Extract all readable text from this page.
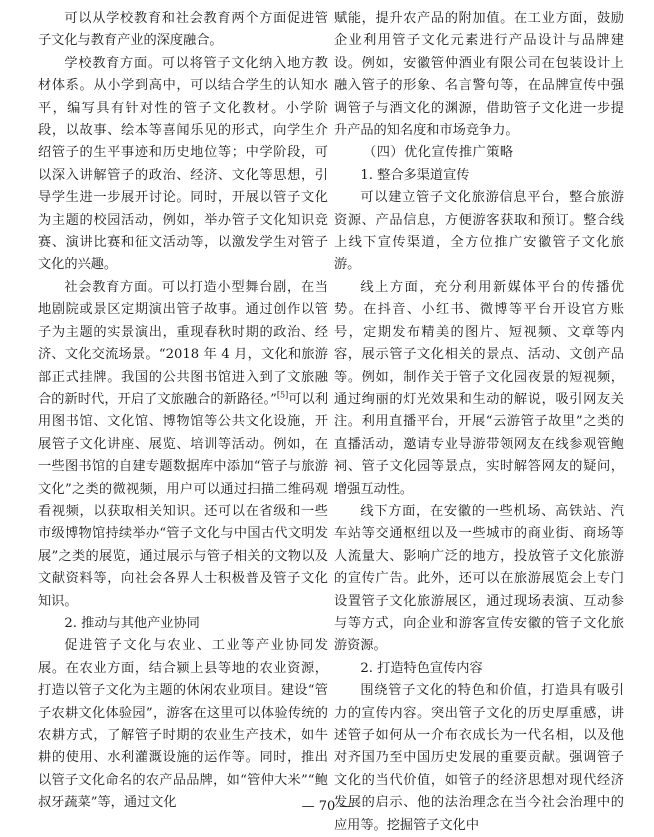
可以从学校教育和社会教育两个方面促进管子文化与教育产业的深度融合。

学校教育方面。可以将管子文化纳入地方教材体系。从小学到高中，可以结合学生的认知水平，编写具有针对性的管子文化教材。小学阶段，以故事、绘本等喜闻乐见的形式，向学生介绍管子的生平事迹和历史地位等；中学阶段，可以深入讲解管子的政治、经济、文化等思想，引导学生进一步展开讨论。同时，开展以管子文化为主题的校园活动，例如，举办管子文化知识竞赛、演讲比赛和征文活动等，以激发学生对管子文化的兴趣。

社会教育方面。可以打造小型舞台剧，在当地剧院或景区定期演出管子故事。通过创作以管子为主题的实景演出，重现春秋时期的政治、经济、文化交流场景。“2018 年 4 月，文化和旅游部正式挂牌。我国的公共图书馆进入到了文旅融合的新时代，开启了文旅融合的新路径。”[5]可以利用图书馆、文化馆、博物馆等公共文化设施，开展管子文化讲座、展览、培训等活动。例如，在一些图书馆的自建专题数据库中添加“管子与旅游文化”之类的微视频，用户可以通过扫描二维码观看视频，以获取相关知识。还可以在省级和一些市级博物馆持续举办“管子文化与中国古代文明发展”之类的展览，通过展示与管子相关的文物以及文献资料等，向社会各界人士积极普及管子文化知识。

2. 推动与其他产业协同

促进管子文化与农业、工业等产业协同发展。在农业方面，结合颍上县等地的农业资源，打造以管子文化为主题的休闲农业项目。建设“管子农耕文化体验园”，游客在这里可以体验传统的农耕方式，了解管子时期的农业生产技术，如牛耕的使用、水利灌溉设施的运作等。同时，推出以管子文化命名的农产品品牌，如“管仲大米”“鲍叔牙蔬菜”等，通过文化

赋能，提升农产品的附加值。在工业方面，鼓励企业利用管子文化元素进行产品设计与品牌建设。例如，安徽管仲酒业有限公司在包装设计上融入管子的形象、名言警句等，在品牌宣传中强调管子与酒文化的渊源，借助管子文化进一步提升产品的知名度和市场竞争力。

（四）优化宣传推广策略

1. 整合多渠道宣传

可以建立管子文化旅游信息平台，整合旅游资源、产品信息，方便游客获取和预订。整合线上线下宣传渠道，全方位推广安徽管子文化旅游。

线上方面，充分利用新媒体平台的传播优势。在抖音、小红书、微博等平台开设官方账号，定期发布精美的图片、短视频、文章等内容，展示管子文化相关的景点、活动、文创产品等。例如，制作关于管子文化园夜景的短视频，通过绚丽的灯光效果和生动的解说，吸引网友关注。利用直播平台，开展“云游管子故里”之类的直播活动，邀请专业导游带领网友在线参观管鲍祠、管子文化园等景点，实时解答网友的疑问，增强互动性。

线下方面，在安徽的一些机场、高铁站、汽车站等交通枢纽以及一些城市的商业街、商场等人流量大、影响广泛的地方，投放管子文化旅游的宣传广告。此外，还可以在旅游展览会上专门设置管子文化旅游展区，通过现场表演、互动参与等方式，向企业和游客宣传安徽的管子文化旅游资源。

2. 打造特色宣传内容

围绕管子文化的特色和价值，打造具有吸引力的宣传内容。突出管子文化的历史厚重感，讲述管子如何从一介布衣成长为一代名相，以及他对齐国乃至中国历史发展的重要贡献。强调管子文化的当代价值，如管子的经济思想对现代经济发展的启示、他的法治理念在当今社会治理中的应用等。挖掘管子文化中

— 70 —
